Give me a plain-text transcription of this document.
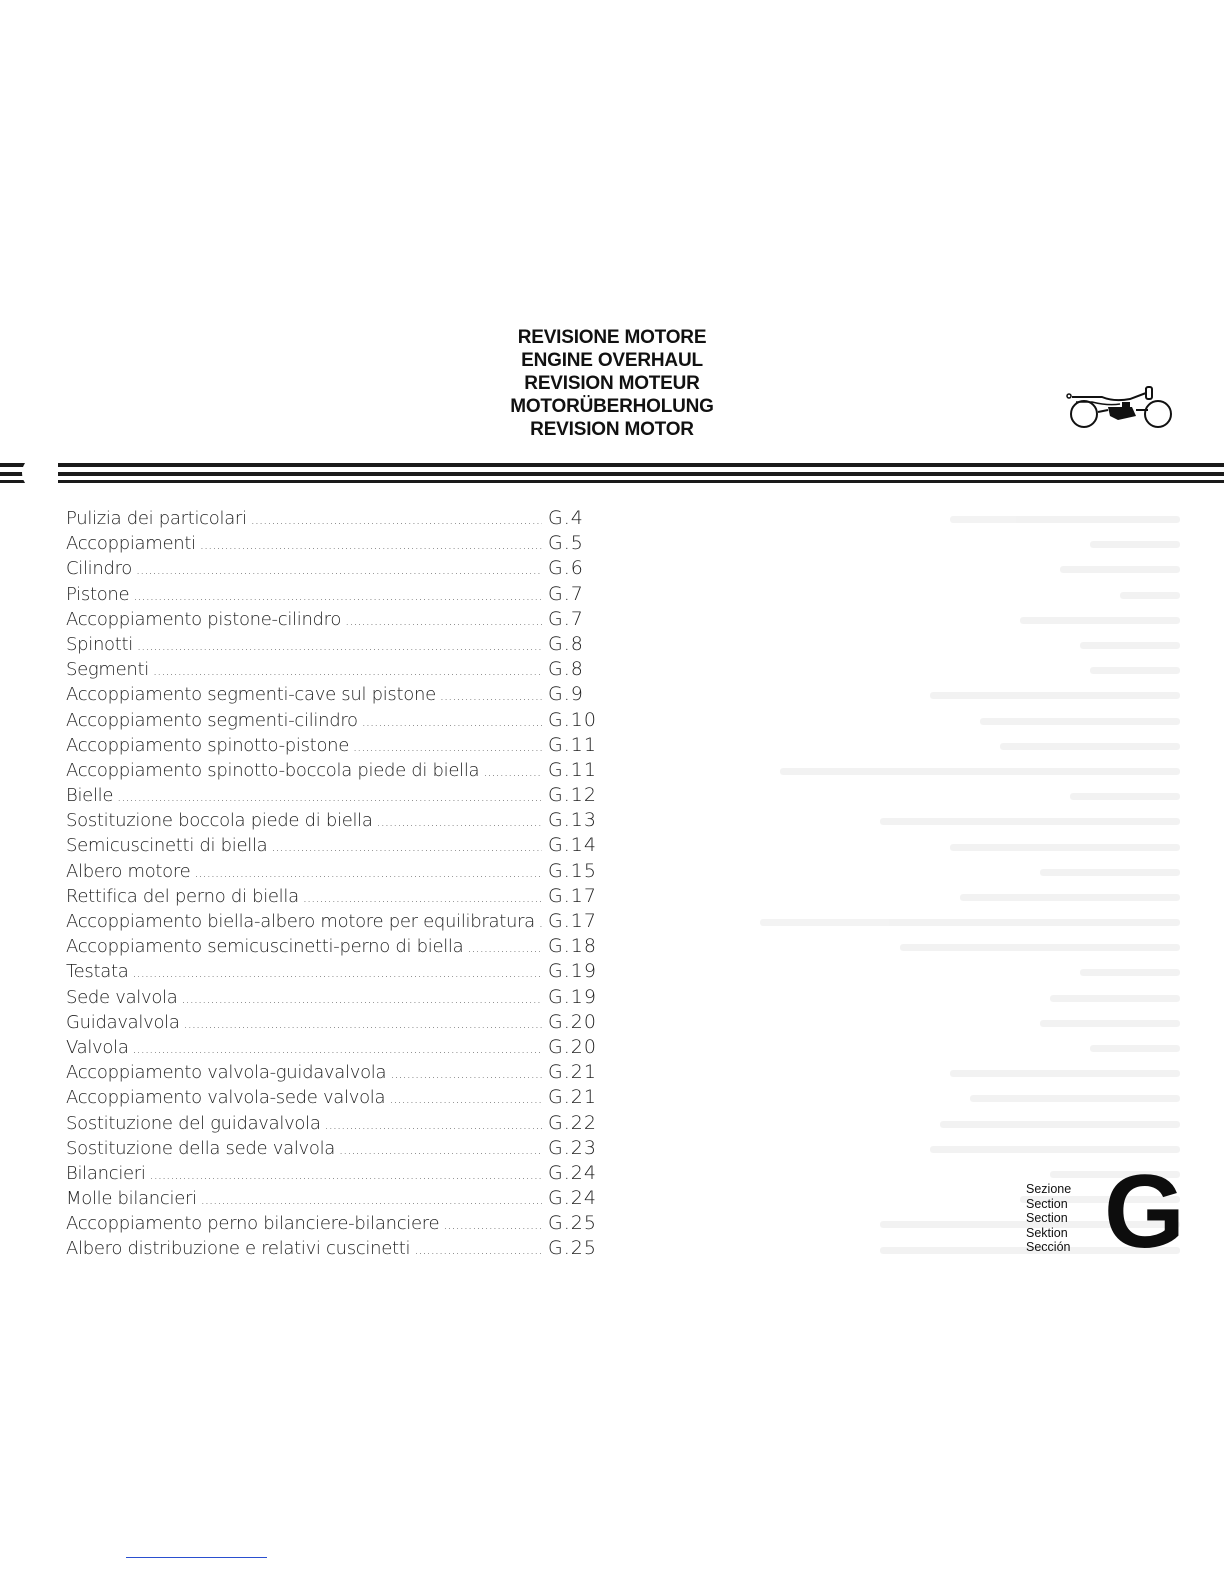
REVISIONE MOTORE
ENGINE OVERHAUL
REVISION MOTEUR
MOTORÜBERHOLUNG
REVISION MOTOR
Pulizia dei particolari .....	G.4
Accoppiamenti .....	G.5
Cilindro .....	G.6
Pistone .....	G.7
Accoppiamento pistone-cilindro .....	G.7
Spinotti .....	G.8
Segmenti .....	G.8
Accoppiamento segmenti-cave sul pistone .....	G.9
Accoppiamento segmenti-cilindro .....	G.10
Accoppiamento spinotto-pistone .....	G.11
Accoppiamento spinotto-boccola piede di biella .....	G.11
Bielle .....	G.12
Sostituzione boccola piede di biella .....	G.13
Semicuscinetti di biella .....	G.14
Albero motore .....	G.15
Rettifica del perno di biella .....	G.17
Accoppiamento biella-albero motore per equilibratura ..... G.17
Accoppiamento semicuscinetti-perno di biella .....	G.18
Testata .....	G.19
Sede valvola .....	G.19
Guidavalvola .....	G.20
Valvola .....	G.20
Accoppiamento valvola-guidavalvola .....	G.21
Accoppiamento valvola-sede valvola .....	G.21
Sostituzione del guidavalvola .....	G.22
Sostituzione della sede valvola .....	G.23
Bilancieri .....	G.24
Molle bilancieri .....	G.24
Accoppiamento perno bilanciere-bilanciere .....	G.25
Albero distribuzione e relativi cuscinetti .....	G.25
Sezione
Section
Section
Sektion
Sección G
